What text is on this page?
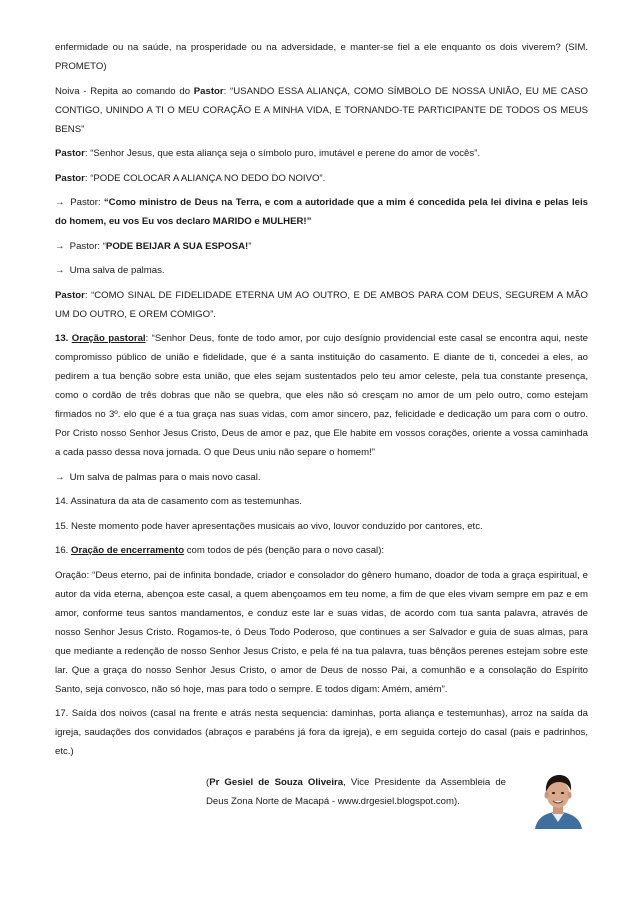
enfermidade ou na saúde, na prosperidade ou na adversidade, e manter-se fiel a ele enquanto os dois viverem? (SIM. PROMETO)

Noiva - Repita ao comando do Pastor: “USANDO ESSA ALIANÇA, COMO SÍMBOLO DE NOSSA UNIÃO, EU ME CASO CONTIGO, UNINDO A TI O MEU CORAÇÃO E A MINHA VIDA, E TORNANDO-TE PARTICIPANTE DE TODOS OS MEUS BENS”

Pastor: “Senhor Jesus, que esta aliança seja o símbolo puro, imutável e perene do amor de vocês”.

Pastor: “PODE COLOCAR A ALIANÇA NO DEDO DO NOIVO”.

→ Pastor: “Como ministro de Deus na Terra, e com a autoridade que a mim é concedida pela lei divina e pelas leis do homem, eu vos Eu vos declaro MARIDO e MULHER!”

→ Pastor: “PODE BEIJAR A SUA ESPOSA!”

→ Uma salva de palmas.

Pastor: “COMO SINAL DE FIDELIDADE ETERNA UM AO OUTRO, E DE AMBOS PARA COM DEUS, SEGUREM A MÃO UM DO OUTRO, E OREM COMIGO”.

13. Oração pastoral: “Senhor Deus, fonte de todo amor, por cujo desígnio providencial este casal se encontra aqui, neste compromisso público de união e fidelidade, que é a santa instituição do casamento. E diante de ti, concedei a eles, ao pedirem a tua benção sobre esta união, que eles sejam sustentados pelo teu amor celeste, pela tua constante presença, como o cordão de três dobras que não se quebra, que eles não só cresçam no amor de um pelo outro, como estejam firmados no 3º. elo que é a tua graça nas suas vidas, com amor sincero, paz, felicidade e dedicação um para com o outro. Por Cristo nosso Senhor Jesus Cristo, Deus de amor e paz, que Ele habite em vossos corações, oriente a vossa caminhada a cada passo dessa nova jornada. O que Deus uniu não separe o homem!”

→ Um salva de palmas para o mais novo casal.

14. Assinatura da ata de casamento com as testemunhas.

15. Neste momento pode haver apresentações musicais ao vivo, louvor conduzido por cantores, etc.

16. Oração de encerramento com todos de pés (benção para o novo casal):

Oração: “Deus eterno, pai de infinita bondade, criador e consolador do gênero humano, doador de toda a graça espiritual, e autor da vida eterna, abençoa este casal, a quem abençoamos em teu nome, a fim de que eles vivam sempre em paz e em amor, conforme teus santos mandamentos, e conduz este lar e suas vidas, de acordo com tua santa palavra, através de nosso Senhor Jesus Cristo. Rogamos-te, ó Deus Todo Poderoso, que continues a ser Salvador e guia de suas almas, para que mediante a redenção de nosso Senhor Jesus Cristo, e pela fé na tua palavra, tuas bênçãos perenes estejam sobre este lar. Que a graça do nosso Senhor Jesus Cristo, o amor de Deus de nosso Pai, a comunhão e a consolação do Espírito Santo, seja convosco, não só hoje, mas para todo o sempre. E todos digam: Amém, amém”.

17. Saída dos noivos (casal na frente e atrás nesta sequencia: daminhas, porta aliança e testemunhas), arroz na saída da igreja, saudações dos convidados (abraços e parabéns já fora da igreja), e em seguida cortejo do casal (pais e padrinhos, etc.)

(Pr Gesiel de Souza Oliveira, Vice Presidente da Assembleia de Deus Zona Norte de Macapá - www.drgesiel.blogspot.com).
